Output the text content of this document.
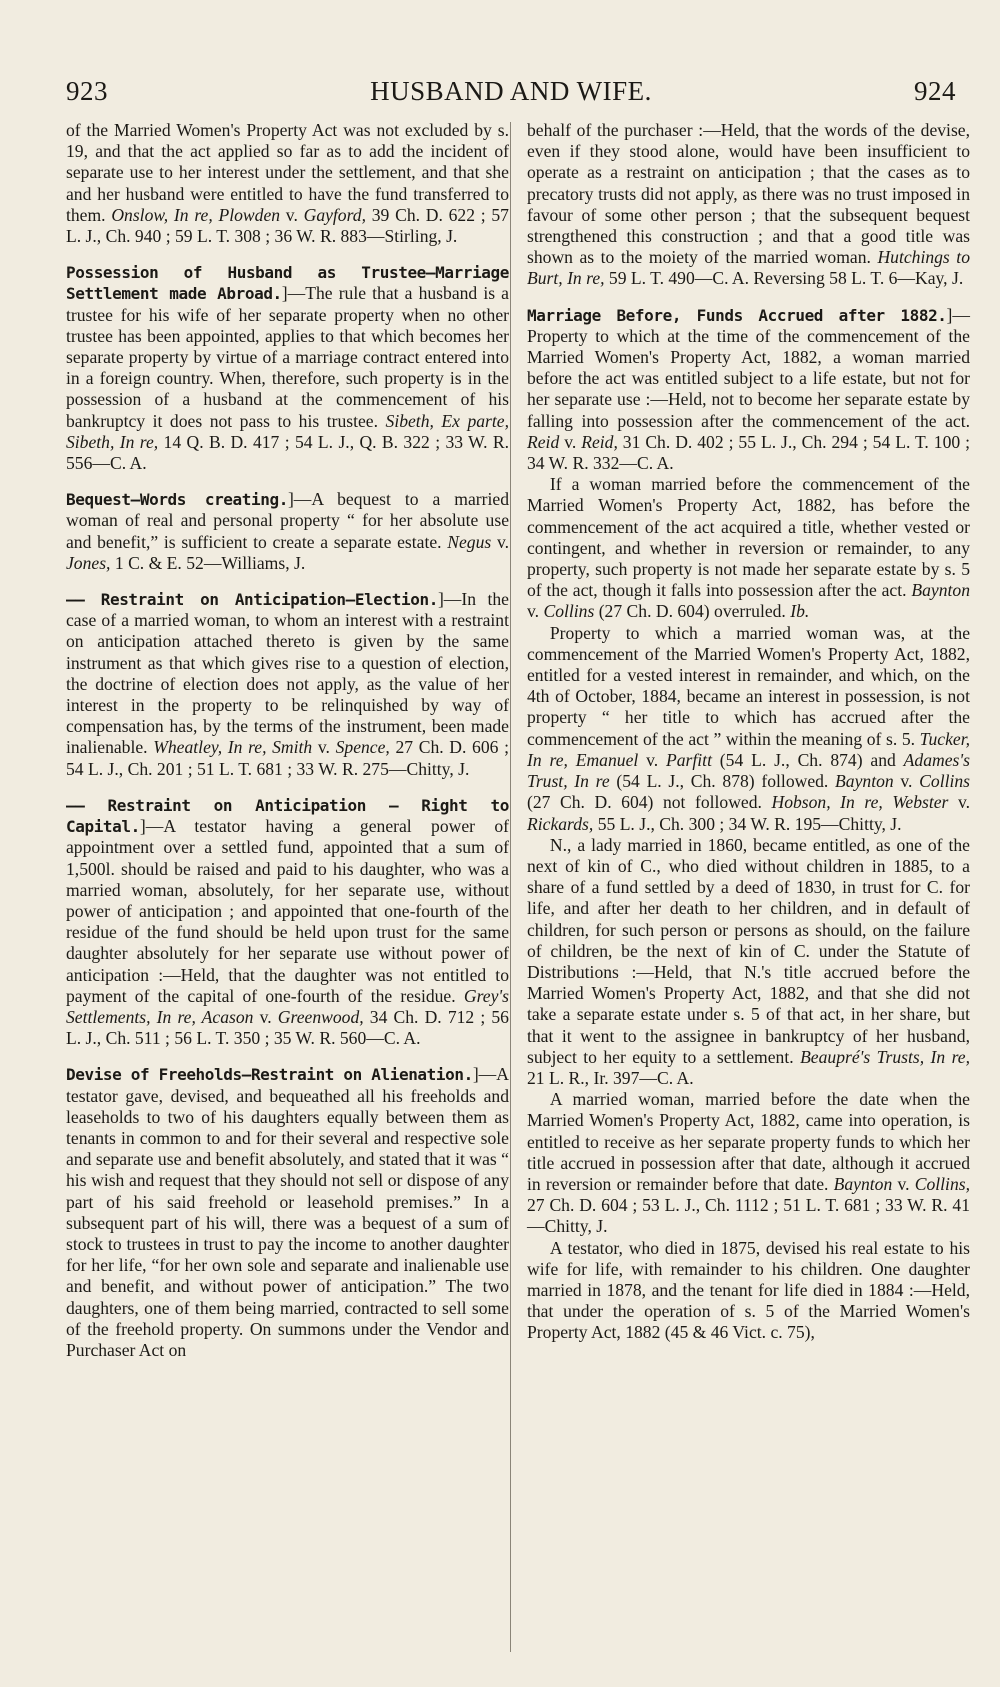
923	HUSBAND AND WIFE.	924

of the Married Women's Property Act was not excluded by s. 19, and that the act applied so far as to add the incident of separate use to her interest under the settlement, and that she and her husband were entitled to have the fund transferred to them. Onslow, In re, Plowden v. Gayford, 39 Ch. D. 622 ; 57 L. J., Ch. 940 ; 59 L. T. 308 ; 36 W. R. 883—Stirling, J.

Possession of Husband as Trustee—Marriage Settlement made Abroad.]—The rule that a husband is a trustee for his wife of her separate property when no other trustee has been appointed, applies to that which becomes her separate property by virtue of a marriage contract entered into in a foreign country. When, therefore, such property is in the possession of a husband at the commencement of his bankruptcy it does not pass to his trustee. Sibeth, Ex parte, Sibeth, In re, 14 Q. B. D. 417 ; 54 L. J., Q. B. 322 ; 33 W. R. 556—C. A.

Bequest—Words creating.]—A bequest to a married woman of real and personal property “ for her absolute use and benefit,” is sufficient to create a separate estate. Negus v. Jones, 1 C. & E. 52—Williams, J.

—— Restraint on Anticipation—Election.]—In the case of a married woman, to whom an interest with a restraint on anticipation attached thereto is given by the same instrument as that which gives rise to a question of election, the doctrine of election does not apply, as the value of her interest in the property to be relinquished by way of compensation has, by the terms of the instrument, been made inalienable. Wheatley, In re, Smith v. Spence, 27 Ch. D. 606 ; 54 L. J., Ch. 201 ; 51 L. T. 681 ; 33 W. R. 275—Chitty, J.

—— Restraint on Anticipation — Right to Capital.]—A testator having a general power of appointment over a settled fund, appointed that a sum of 1,500l. should be raised and paid to his daughter, who was a married woman, absolutely, for her separate use, without power of anticipation ; and appointed that one-fourth of the residue of the fund should be held upon trust for the same daughter absolutely for her separate use without power of anticipation :—Held, that the daughter was not entitled to payment of the capital of one-fourth of the residue. Grey's Settlements, In re, Acason v. Greenwood, 34 Ch. D. 712 ; 56 L. J., Ch. 511 ; 56 L. T. 350 ; 35 W. R. 560—C. A.

Devise of Freeholds—Restraint on Alienation.]—A testator gave, devised, and bequeathed all his freeholds and leaseholds to two of his daughters equally between them as tenants in common to and for their several and respective sole and separate use and benefit absolutely, and stated that it was “ his wish and request that they should not sell or dispose of any part of his said freehold or leasehold premises.” In a subsequent part of his will, there was a bequest of a sum of stock to trustees in trust to pay the income to another daughter for her life, “for her own sole and separate and inalienable use and benefit, and without power of anticipation.” The two daughters, one of them being married, contracted to sell some of the freehold property. On summons under the Vendor and Purchaser Act on

behalf of the purchaser :—Held, that the words of the devise, even if they stood alone, would have been insufficient to operate as a restraint on anticipation ; that the cases as to precatory trusts did not apply, as there was no trust imposed in favour of some other person ; that the subsequent bequest strengthened this construction ; and that a good title was shown as to the moiety of the married woman. Hutchings to Burt, In re, 59 L. T. 490—C. A. Reversing 58 L. T. 6—Kay, J.

Marriage Before, Funds Accrued after 1882.]—Property to which at the time of the commencement of the Married Women's Property Act, 1882, a woman married before the act was entitled subject to a life estate, but not for her separate use :—Held, not to become her separate estate by falling into possession after the commencement of the act. Reid v. Reid, 31 Ch. D. 402 ; 55 L. J., Ch. 294 ; 54 L. T. 100 ; 34 W. R. 332—C. A.

If a woman married before the commencement of the Married Women's Property Act, 1882, has before the commencement of the act acquired a title, whether vested or contingent, and whether in reversion or remainder, to any property, such property is not made her separate estate by s. 5 of the act, though it falls into possession after the act. Baynton v. Collins (27 Ch. D. 604) overruled. Ib.

Property to which a married woman was, at the commencement of the Married Women's Property Act, 1882, entitled for a vested interest in remainder, and which, on the 4th of October, 1884, became an interest in possession, is not property “ her title to which has accrued after the commencement of the act ” within the meaning of s. 5. Tucker, In re, Emanuel v. Parfitt (54 L. J., Ch. 874) and Adames's Trust, In re (54 L. J., Ch. 878) followed. Baynton v. Collins (27 Ch. D. 604) not followed. Hobson, In re, Webster v. Rickards, 55 L. J., Ch. 300 ; 34 W. R. 195—Chitty, J.

N., a lady married in 1860, became entitled, as one of the next of kin of C., who died without children in 1885, to a share of a fund settled by a deed of 1830, in trust for C. for life, and after her death to her children, and in default of children, for such person or persons as should, on the failure of children, be the next of kin of C. under the Statute of Distributions :—Held, that N.'s title accrued before the Married Women's Property Act, 1882, and that she did not take a separate estate under s. 5 of that act, in her share, but that it went to the assignee in bankruptcy of her husband, subject to her equity to a settlement. Beaupré's Trusts, In re, 21 L. R., Ir. 397—C. A.

A married woman, married before the date when the Married Women's Property Act, 1882, came into operation, is entitled to receive as her separate property funds to which her title accrued in possession after that date, although it accrued in reversion or remainder before that date. Baynton v. Collins, 27 Ch. D. 604 ; 53 L. J., Ch. 1112 ; 51 L. T. 681 ; 33 W. R. 41—Chitty, J.

A testator, who died in 1875, devised his real estate to his wife for life, with remainder to his children. One daughter married in 1878, and the tenant for life died in 1884 :—Held, that under the operation of s. 5 of the Married Women's Property Act, 1882 (45 & 46 Vict. c. 75),
